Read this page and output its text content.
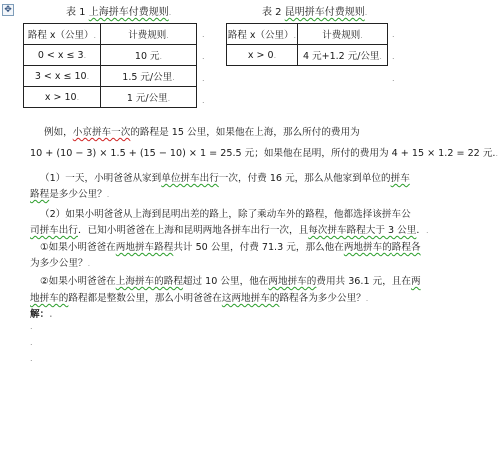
✥	表 1 上海拼车付费规则.	表 2 昆明拼车付费规则.
路程 x（公里）.	计费规则.
0 < x ≤ 3.	10 元.
3 < x ≤ 10.	1.5 元/公里.
x > 10.	1 元/公里.
路程 x（公里）.	计费规则.
x > 0.	4 元+1.2 元/公里.
.
.
.
.
.
.
.
例如，小京拼车一次的路程是 15 公里，如果他在上海，那么所付的费用为
10 + (10 − 3) × 1.5 + (15 − 10) × 1 = 25.5 元；如果他在昆明，所付的费用为 4 + 15 × 1.2 = 22 元..
（1）一天，小明爸爸从家到单位拼车出行一次，付费 16 元，那么从他家到单位的拼车
路程是多少公里？.
（2）如果小明爸爸从上海到昆明出差的路上，除了乘动车外的路程，他都选择该拼车公
司拼车出行．已知小明爸爸在上海和昆明两地各拼车出行一次，且每次拼车路程大于 3 公里．.
①如果小明爸爸在两地拼车路程共计 50 公里，付费 71.3 元，那么他在两地拼车的路程各
为多少公里？.
②如果小明爸爸在上海拼车的路程超过 10 公里，他在两地拼车的费用共 36.1 元，且在两
地拼车的路程都是整数公里，那么小明爸爸在这两地拼车的路程各为多少公里？.
解：.
.
.
.
